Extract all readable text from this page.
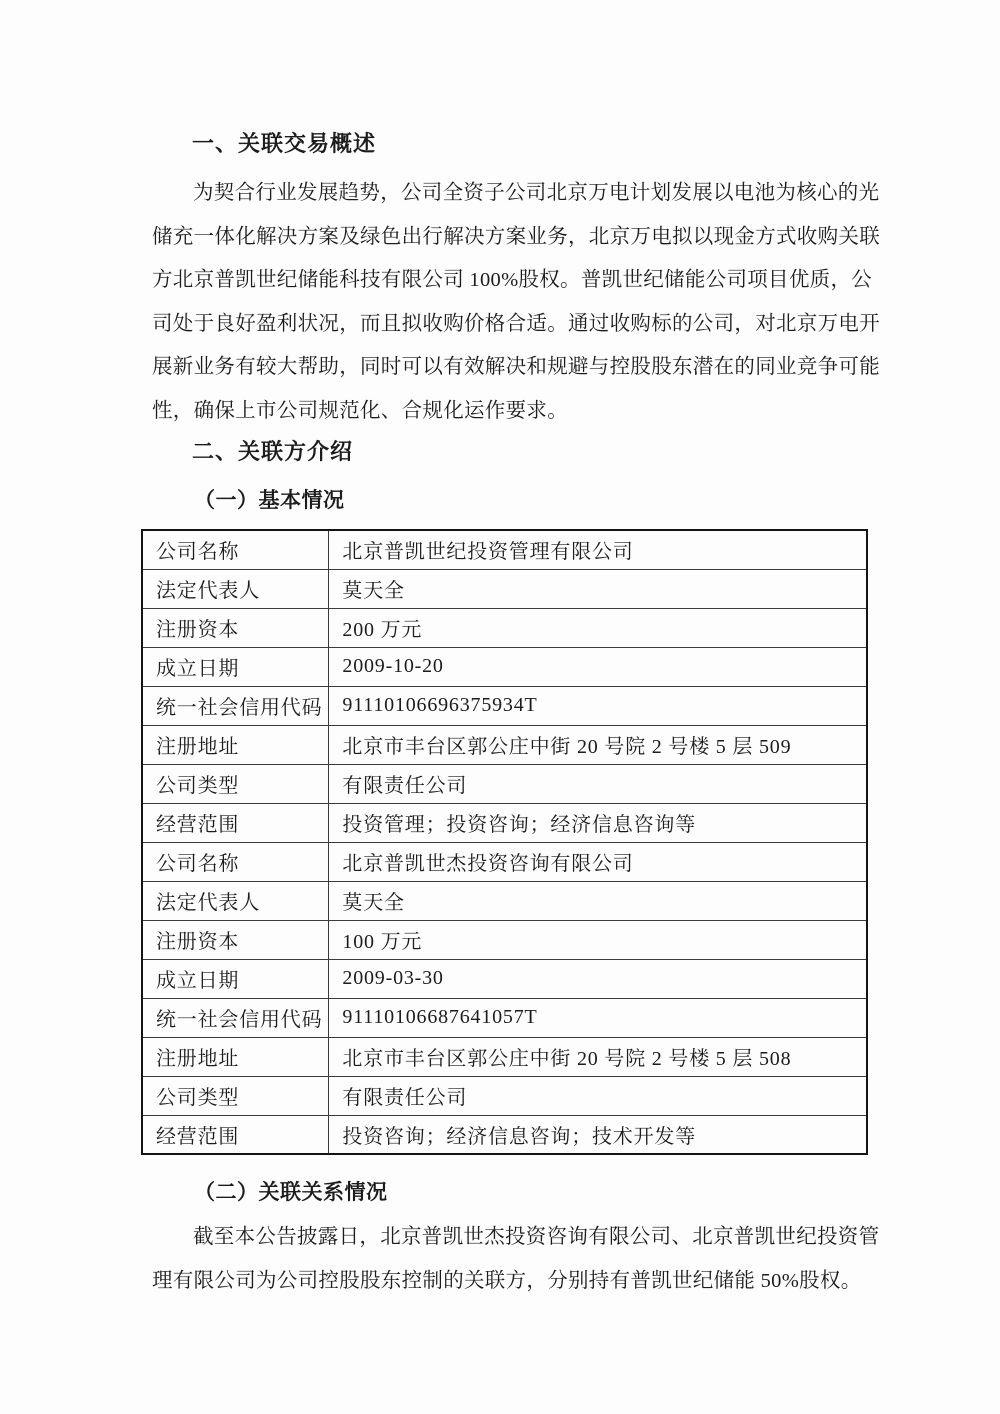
一、关联交易概述
为契合行业发展趋势，公司全资子公司北京万电计划发展以电池为核心的光
储充一体化解决方案及绿色出行解决方案业务，北京万电拟以现金方式收购关联
方北京普凯世纪储能科技有限公司 100%股权。普凯世纪储能公司项目优质，公
司处于良好盈利状况，而且拟收购价格合适。通过收购标的公司，对北京万电开
展新业务有较大帮助，同时可以有效解决和规避与控股股东潜在的同业竞争可能
性，确保上市公司规范化、合规化运作要求。
二、关联方介绍
（一）基本情况
公司名称	北京普凯世纪投资管理有限公司
法定代表人	莫天全
注册资本	200 万元
成立日期	2009-10-20
统一社会信用代码	91110106696375934T
注册地址	北京市丰台区郭公庄中街 20 号院 2 号楼 5 层 509
公司类型	有限责任公司
经营范围	投资管理；投资咨询；经济信息咨询等
公司名称	北京普凯世杰投资咨询有限公司
法定代表人	莫天全
注册资本	100 万元
成立日期	2009-03-30
统一社会信用代码	91110106687641057T
注册地址	北京市丰台区郭公庄中街 20 号院 2 号楼 5 层 508
公司类型	有限责任公司
经营范围	投资咨询；经济信息咨询；技术开发等
（二）关联关系情况
截至本公告披露日，北京普凯世杰投资咨询有限公司、北京普凯世纪投资管
理有限公司为公司控股股东控制的关联方，分别持有普凯世纪储能 50%股权。
